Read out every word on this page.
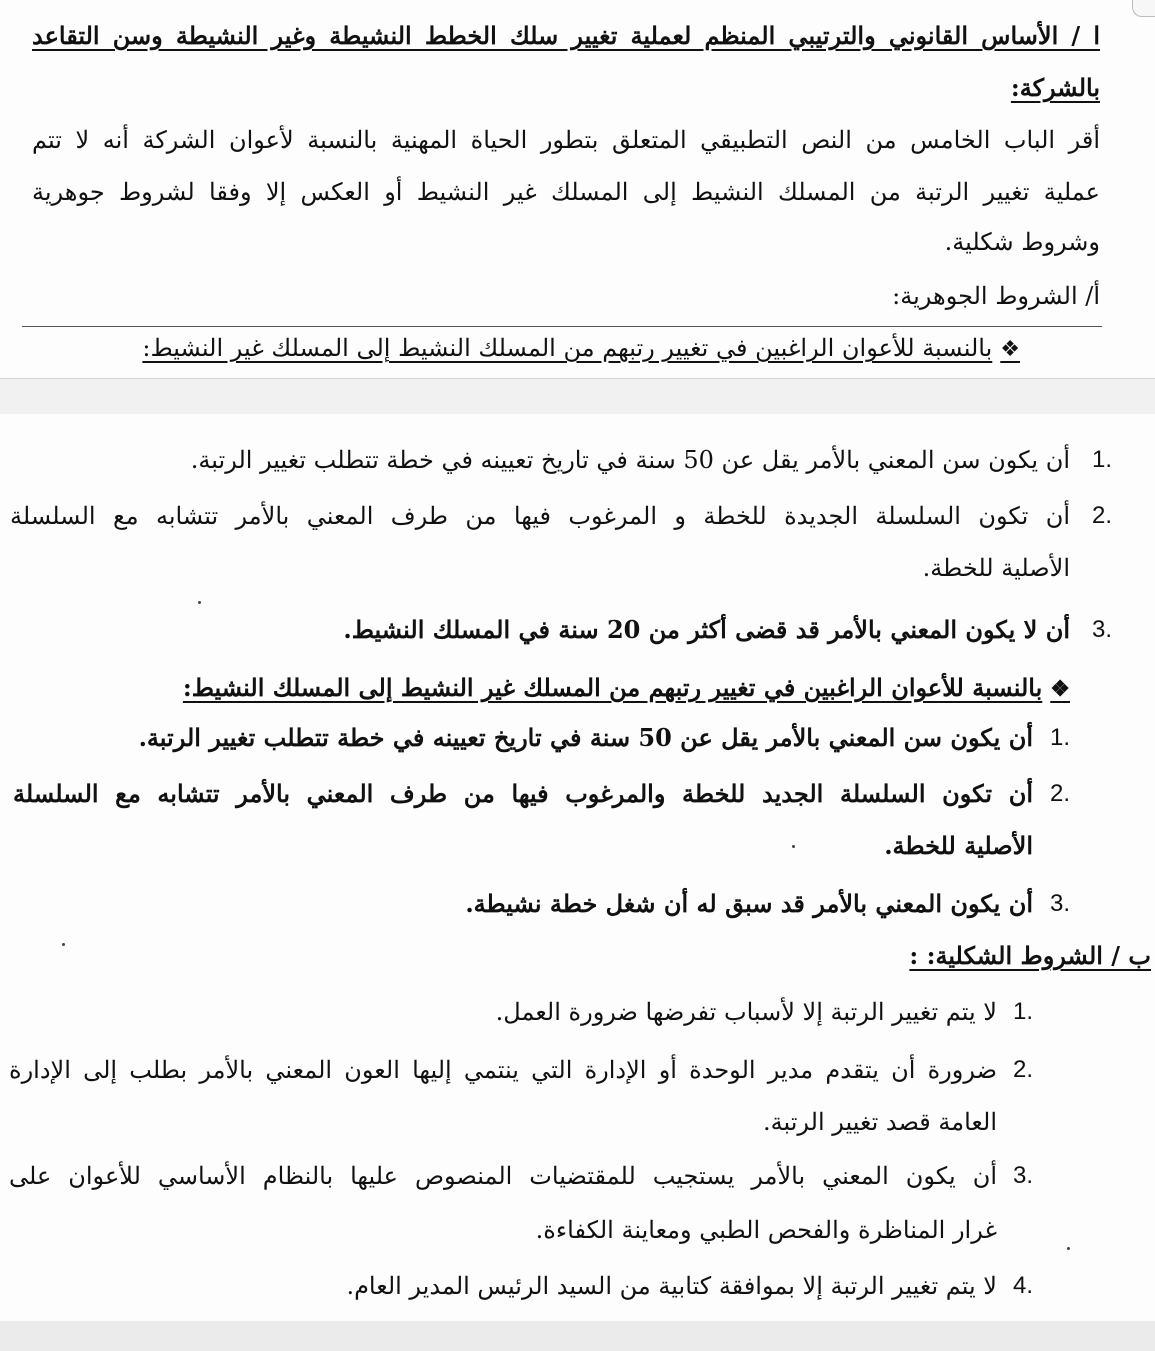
ا / الأساس القانوني والترتيبي المنظم لعملية تغيير سلك الخطط النشيطة وغير النشيطة وسن التقاعد
بالشركة:
أقر الباب الخامس من النص التطبيقي المتعلق بتطور الحياة المهنية بالنسبة لأعوان الشركة أنه لا تتم
عملية تغيير الرتبة من المسلك النشيط إلى المسلك غير النشيط أو العكس إلا وفقا لشروط جوهرية
وشروط شكلية.
أ/ الشروط الجوهرية:
❖بالنسبة للأعوان الراغبين في تغيير رتبهم من المسلك النشيط إلى المسلك غير النشيط:
1.
أن يكون سن المعني بالأمر يقل عن 50 سنة في تاريخ تعيينه في خطة تتطلب تغيير الرتبة.
2.
أن تكون السلسلة الجديدة للخطة و المرغوب فيها من طرف المعني بالأمر تتشابه مع السلسلة
الأصلية للخطة.
3.
أن لا يكون المعني بالأمر قد قضى أكثر من 20 سنة في المسلك النشيط.
❖بالنسبة للأعوان الراغبين في تغيير رتبهم من المسلك غير النشيط إلى المسلك النشيط:
1.
أن يكون سن المعني بالأمر يقل عن 50 سنة في تاريخ تعيينه في خطة تتطلب تغيير الرتبة.
2.
أن تكون السلسلة الجديد للخطة والمرغوب فيها من طرف المعني بالأمر تتشابه مع السلسلة
الأصلية للخطة.
3.
أن يكون المعني بالأمر قد سبق له أن شغل خطة نشيطة.
ب / الشروط الشكلية: :
1.
لا يتم تغيير الرتبة إلا لأسباب تفرضها ضرورة العمل.
2.
ضرورة أن يتقدم مدير الوحدة أو الإدارة التي ينتمي إليها العون المعني بالأمر بطلب إلى الإدارة
العامة قصد تغيير الرتبة.
3.
أن يكون المعني بالأمر يستجيب للمقتضيات المنصوص عليها بالنظام الأساسي للأعوان على
غرار المناظرة والفحص الطبي ومعاينة الكفاءة.
4.
لا يتم تغيير الرتبة إلا بموافقة كتابية من السيد الرئيس المدير العام.
